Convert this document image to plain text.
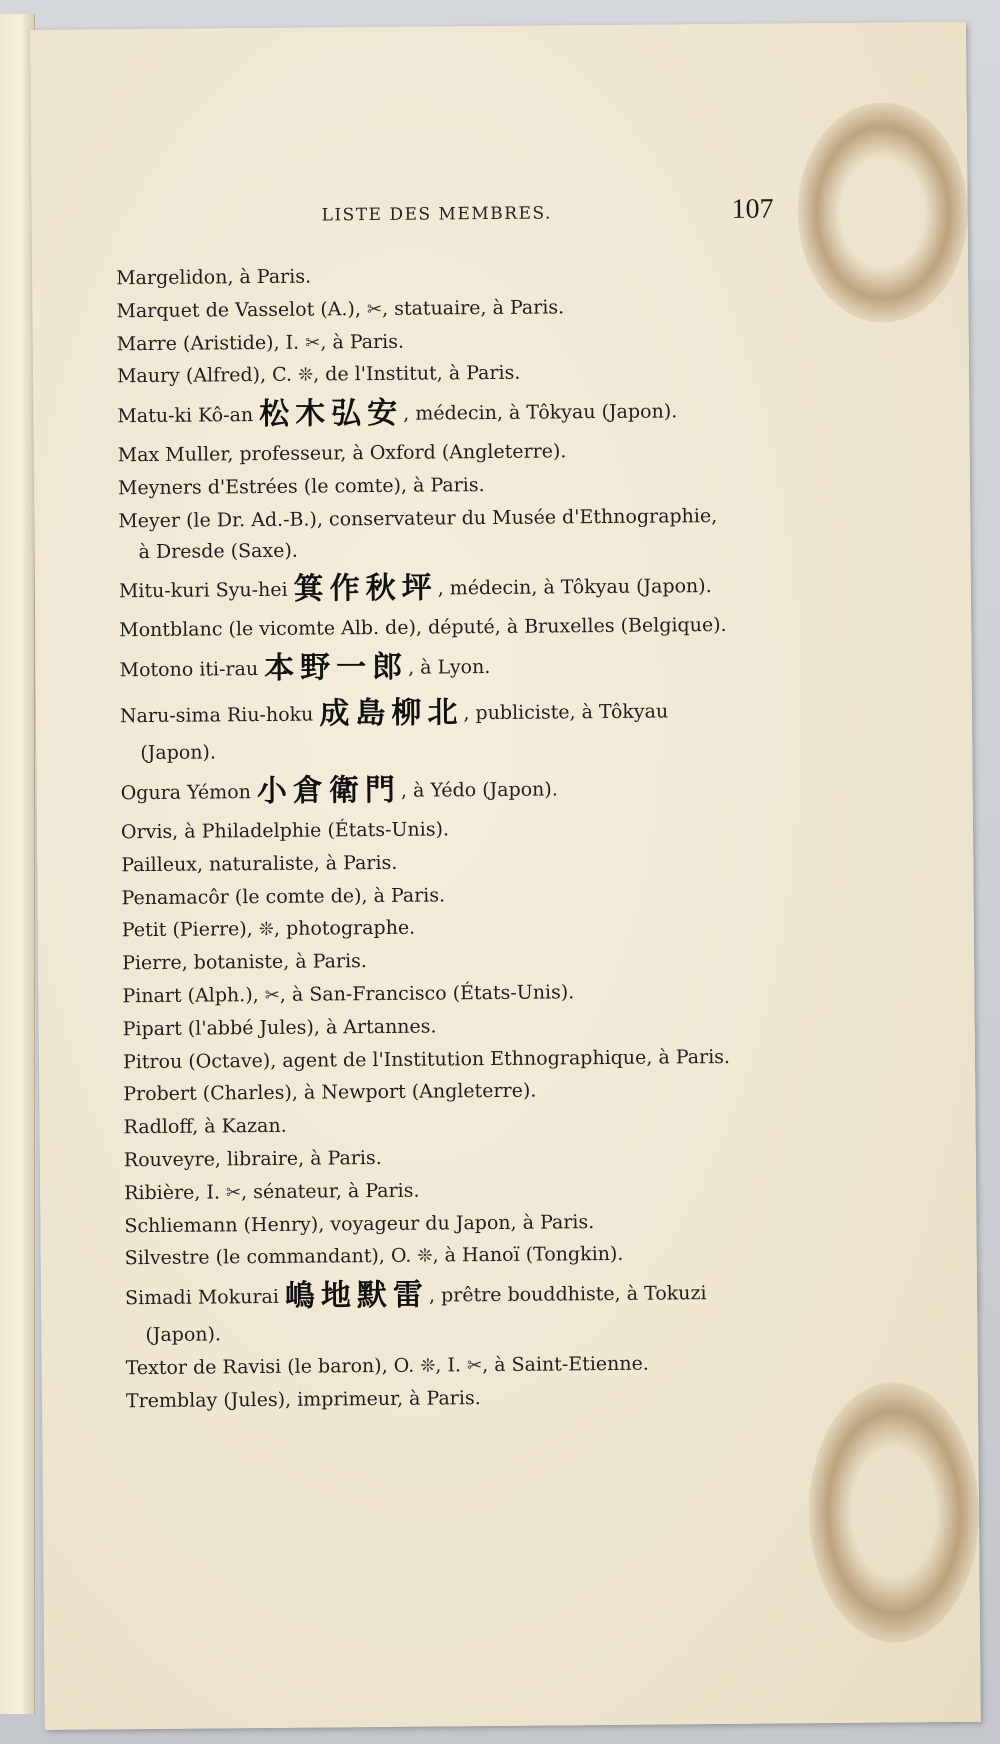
LISTE DES MEMBRES.	107
Margelidon, à Paris.
Marquet de Vasselot (A.), ✂, statuaire, à Paris.
Marre (Aristide), I. ✂, à Paris.
Maury (Alfred), C. ❊, de l'Institut, à Paris.
Matu-ki Kô-an 松木弘安, médecin, à Tôkyau (Japon).
Max Muller, professeur, à Oxford (Angleterre).
Meyners d'Estrées (le comte), à Paris.
Meyer (le Dr. Ad.-B.), conservateur du Musée d'Ethnographie,
à Dresde (Saxe).
Mitu-kuri Syu-hei 箕作秋坪, médecin, à Tôkyau (Japon).
Montblanc (le vicomte Alb. de), député, à Bruxelles (Belgique).
Motono iti-rau 本野一郎, à Lyon.
Naru-sima Riu-hoku 成島柳北, publiciste, à Tôkyau
(Japon).
Ogura Yémon 小倉衛門, à Yédo (Japon).
Orvis, à Philadelphie (États-Unis).
Pailleux, naturaliste, à Paris.
Penamacôr (le comte de), à Paris.
Petit (Pierre), ❊, photographe.
Pierre, botaniste, à Paris.
Pinart (Alph.), ✂, à San-Francisco (États-Unis).
Pipart (l'abbé Jules), à Artannes.
Pitrou (Octave), agent de l'Institution Ethnographique, à Paris.
Probert (Charles), à Newport (Angleterre).
Radloff, à Kazan.
Rouveyre, libraire, à Paris.
Ribière, I. ✂, sénateur, à Paris.
Schliemann (Henry), voyageur du Japon, à Paris.
Silvestre (le commandant), O. ❊, à Hanoï (Tongkin).
Simadi Mokurai 嶋地默雷, prêtre bouddhiste, à Tokuzi
(Japon).
Textor de Ravisi (le baron), O. ❊, I. ✂, à Saint-Etienne.
Tremblay (Jules), imprimeur, à Paris.
